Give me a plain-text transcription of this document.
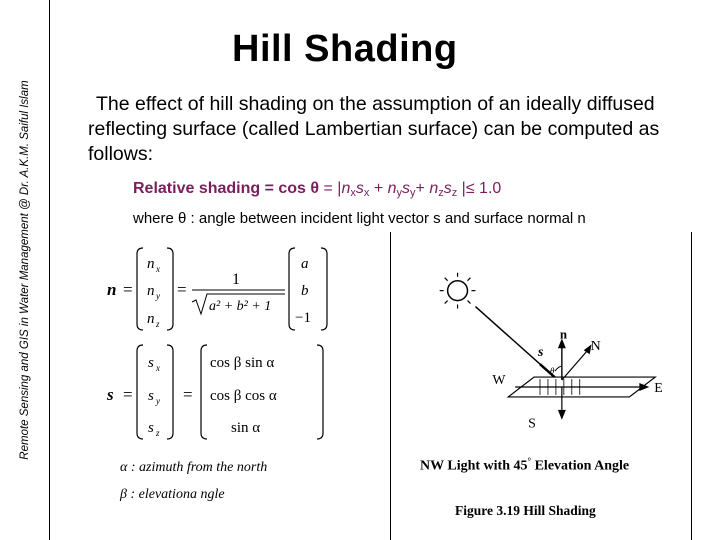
Remote Sensing and GIS in Water Management @ Dr. A.K.M. Saiful Islam
Hill Shading
The effect of hill shading on the assumption of an ideally diffused reflecting surface (called Lambertian surface) can be computed as follows:
Relative shading = $\cos \theta = |n_xs_x + n_ys_y+ n_zs_z$ |≤ 1.0
where θ : angle between incident light vector s and surface normal n
n =
n x
n y
n z
=
1
a² + b² + 1
a
b
−1
s =
s x
s y
s z
=
cos β sin α
cos β cos α
sin α
α : azimuth from the north
β : elevationa ngle
s
n
N
W
E
S
θ
NW Light with 45° Elevation Angle
Figure 3.19 Hill Shading
